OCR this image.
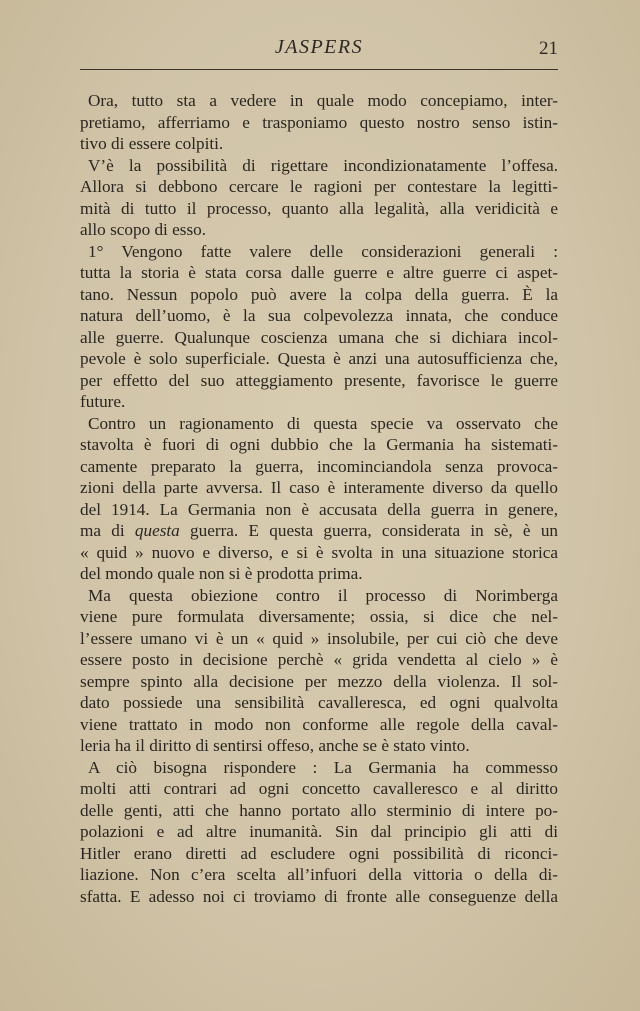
JASPERS	21
Ora, tutto sta a vedere in quale modo concepiamo, inter-
pretiamo, afferriamo e trasponiamo questo nostro senso istin-
tivo di essere colpiti.
V’è la possibilità di rigettare incondizionatamente l’offesa.
Allora si debbono cercare le ragioni per contestare la legitti-
mità di tutto il processo, quanto alla legalità, alla veridicità e
allo scopo di esso.
1° Vengono fatte valere delle considerazioni generali :
tutta la storia è stata corsa dalle guerre e altre guerre ci aspet-
tano. Nessun popolo può avere la colpa della guerra. È la
natura dell’uomo, è la sua colpevolezza innata, che conduce
alle guerre. Qualunque coscienza umana che si dichiara incol-
pevole è solo superficiale. Questa è anzi una autosufficienza che,
per effetto del suo atteggiamento presente, favorisce le guerre
future.
Contro un ragionamento di questa specie va osservato che
stavolta è fuori di ogni dubbio che la Germania ha sistemati-
camente preparato la guerra, incominciandola senza provoca-
zioni della parte avversa. Il caso è interamente diverso da quello
del 1914. La Germania non è accusata della guerra in genere,
ma di questa guerra. E questa guerra, considerata in sè, è un
« quid » nuovo e diverso, e si è svolta in una situazione storica
del mondo quale non si è prodotta prima.
Ma questa obiezione contro il processo di Norimberga
viene pure formulata diversamente; ossia, si dice che nel-
l’essere umano vi è un « quid » insolubile, per cui ciò che deve
essere posto in decisione perchè « grida vendetta al cielo » è
sempre spinto alla decisione per mezzo della violenza. Il sol-
dato possiede una sensibilità cavalleresca, ed ogni qualvolta
viene trattato in modo non conforme alle regole della caval-
leria ha il diritto di sentirsi offeso, anche se è stato vinto.
A ciò bisogna rispondere : La Germania ha commesso
molti atti contrari ad ogni concetto cavalleresco e al diritto
delle genti, atti che hanno portato allo sterminio di intere po-
polazioni e ad altre inumanità. Sin dal principio gli atti di
Hitler erano diretti ad escludere ogni possibilità di riconci-
liazione. Non c’era scelta all’infuori della vittoria o della di-
sfatta. E adesso noi ci troviamo di fronte alle conseguenze della
